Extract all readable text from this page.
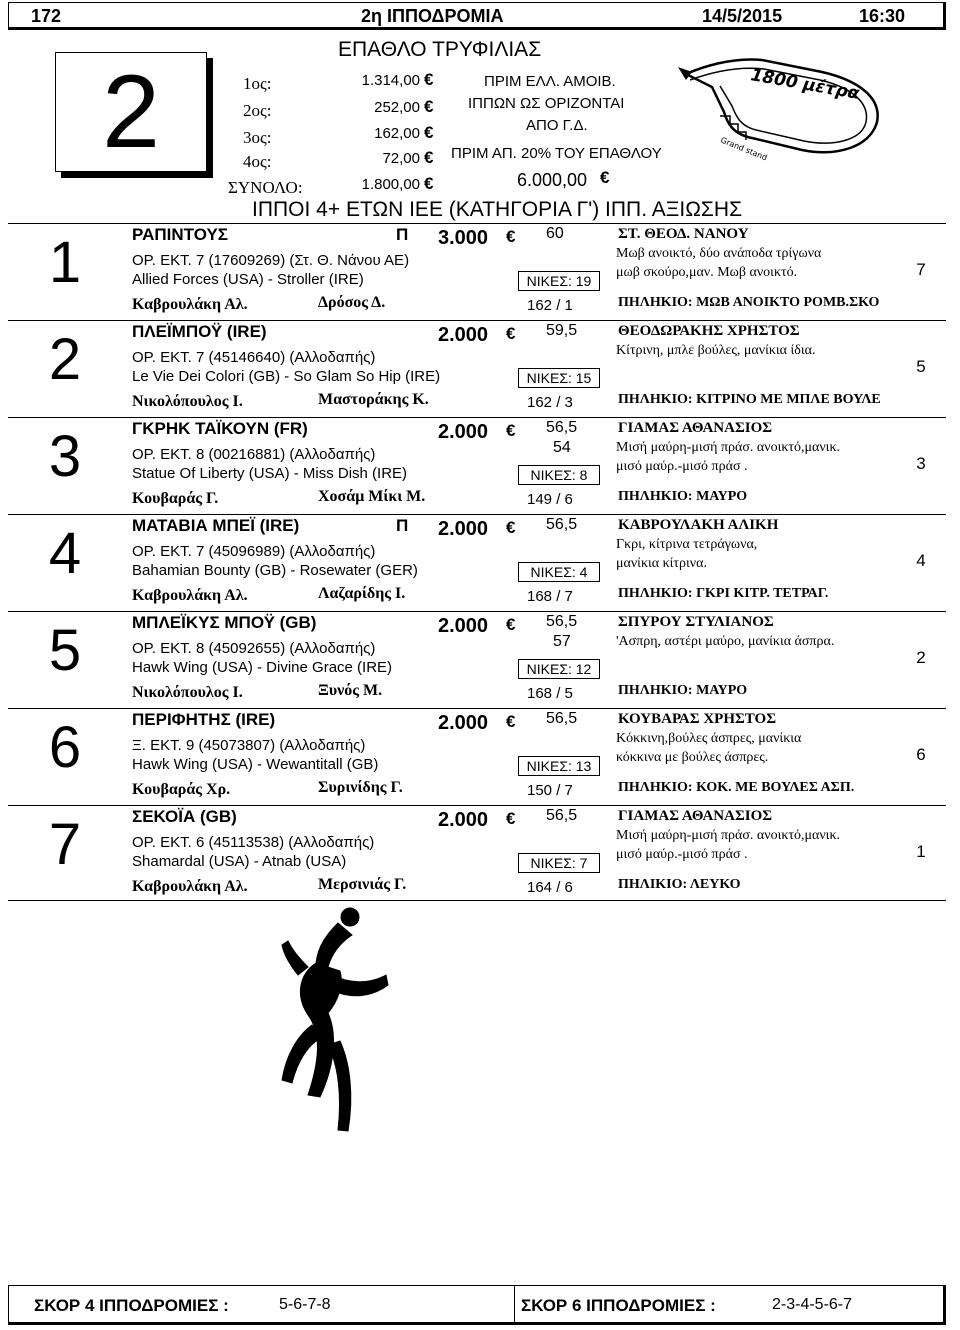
172	2η ΙΠΠΟΔΡΟΜΙΑ	14/5/2015	16:30
ΕΠΑΘΛΟ ΤΡΥΦΙΛΙΑΣ
2	1ος:	1.314,00 €
2ος:	252,00 €
3ος:	162,00 €
4ος:	72,00 €
ΣΥΝΟΛΟ:	1.800,00 €
ΠΡΙΜ ΕΛΛ. ΑΜΟΙΒ.
ΙΠΠΩΝ ΩΣ ΟΡΙΖΟΝΤΑΙ
ΑΠΟ Γ.Δ.
ΠΡΙΜ ΑΠ. 20% ΤΟΥ ΕΠΑΘΛΟΥ
6.000,00 €
1800 μέτρα
Grand stand
ΙΠΠΟΙ 4+ ΕΤΩΝ ΙΕΕ (ΚΑΤΗΓΟΡΙΑ Γ') ΙΠΠ. ΑΞΙΩΣΗΣ
1	ΡΑΠΙΝΤΟΥΣ	Π 3.000 € 60
ΟΡ. ΕΚΤ. 7 (17609269) (Στ. Θ. Νάνου ΑΕ)
Allied Forces (USA) - Stroller (IRE)	ΝΙΚΕΣ: 19
Καβρουλάκη Αλ.	Δρόσος Δ.	162 / 1
ΣΤ. ΘΕΟΔ. ΝΑΝΟΥ
Μωβ ανοικτό, δύο ανάποδα τρίγωνα
μωβ σκούρο,μαν. Μωβ ανοικτό.
ΠΗΛΗΚΙΟ: ΜΩΒ ΑΝΟΙΚΤΟ ΡΟΜΒ.ΣΚΟ
7
2	ΠΛΕΪΜΠΟΫ (IRE)	2.000 € 59,5
ΟΡ. ΕΚΤ. 7 (45146640) (Αλλοδαπής)
Le Vie Dei Colori (GB) - So Glam So Hip (IRE)	ΝΙΚΕΣ: 15
Νικολόπουλος Ι.	Μαστοράκης Κ.	162 / 3
ΘΕΟΔΩΡΑΚΗΣ ΧΡΗΣΤΟΣ
Κίτρινη, μπλε βούλες, μανίκια ίδια.
ΠΗΛΗΚΙΟ: ΚΙΤΡΙΝΟ ΜΕ ΜΠΛΕ ΒΟΥΛΕ
5
3	ΓΚΡΗΚ ΤΑΪΚΟΥΝ (FR)	2.000 € 56,5
54
ΟΡ. ΕΚΤ. 8 (00216881) (Αλλοδαπής)
Statue Of Liberty (USA) - Miss Dish (IRE)	ΝΙΚΕΣ: 8
Κουβαράς Γ.	Χοσάμ Μίκι Μ.	149 / 6
ΓΙΑΜΑΣ ΑΘΑΝΑΣΙΟΣ
Μισή μαύρη-μισή πράσ. ανοικτό,μανικ.
μισό μαύρ.-μισό πράσ .
ΠΗΛΗΚΙΟ: ΜΑΥΡΟ
3
4	ΜΑΤΑΒΙΑ ΜΠΕΪ (IRE)	Π 2.000 € 56,5
ΟΡ. ΕΚΤ. 7 (45096989) (Αλλοδαπής)
Bahamian Bounty (GB) - Rosewater (GER)	ΝΙΚΕΣ: 4
Καβρουλάκη Αλ.	Λαζαρίδης Ι.	168 / 7
ΚΑΒΡΟΥΛΑΚΗ ΑΛΙΚΗ
Γκρι, κίτρινα τετράγωνα,
μανίκια κίτρινα.
ΠΗΛΗΚΙΟ: ΓΚΡΙ ΚΙΤΡ. ΤΕΤΡΑΓ.
4
5	ΜΠΛΕΪΚΥΣ ΜΠΟΫ (GB)	2.000 € 56,5
57
ΟΡ. ΕΚΤ. 8 (45092655) (Αλλοδαπής)
Hawk Wing (USA) - Divine Grace (IRE)	ΝΙΚΕΣ: 12
Νικολόπουλος Ι.	Ξυνός Μ.	168 / 5
ΣΠΥΡΟΥ ΣΤΥΛΙΑΝΟΣ
'Ασπρη, αστέρι μαύρο, μανίκια άσπρα.
ΠΗΛΗΚΙΟ: ΜΑΥΡΟ
2
6	ΠΕΡΙΦΗΤΗΣ (IRE)	2.000 € 56,5
Ξ. ΕΚΤ. 9 (45073807) (Αλλοδαπής)
Hawk Wing (USA) - Wewantitall (GB)	ΝΙΚΕΣ: 13
Κουβαράς Χρ.	Συρινίδης Γ.	150 / 7
ΚΟΥΒΑΡΑΣ ΧΡΗΣΤΟΣ
Κόκκινη,βούλες άσπρες, μανίκια
κόκκινα με βούλες άσπρες.
ΠΗΛΗΚΙΟ: ΚΟΚ. ΜΕ ΒΟΥΛΕΣ ΑΣΠ.
6
7	ΣΕΚΟΪΑ (GB)	2.000 € 56,5
ΟΡ. ΕΚΤ. 6 (45113538) (Αλλοδαπής)
Shamardal (USA) - Atnab (USA)	ΝΙΚΕΣ: 7
Καβρουλάκη Αλ.	Μερσινιάς Γ.	164 / 6
ΓΙΑΜΑΣ ΑΘΑΝΑΣΙΟΣ
Μισή μαύρη-μισή πράσ. ανοικτό,μανικ.
μισό μαύρ.-μισό πράσ .
ΠΗΛΙΚΙΟ: ΛΕΥΚΟ
1
ΣΚΟΡ 4 ΙΠΠΟΔΡΟΜΙΕΣ :	5-6-7-8	ΣΚΟΡ 6 ΙΠΠΟΔΡΟΜΙΕΣ :	2-3-4-5-6-7
